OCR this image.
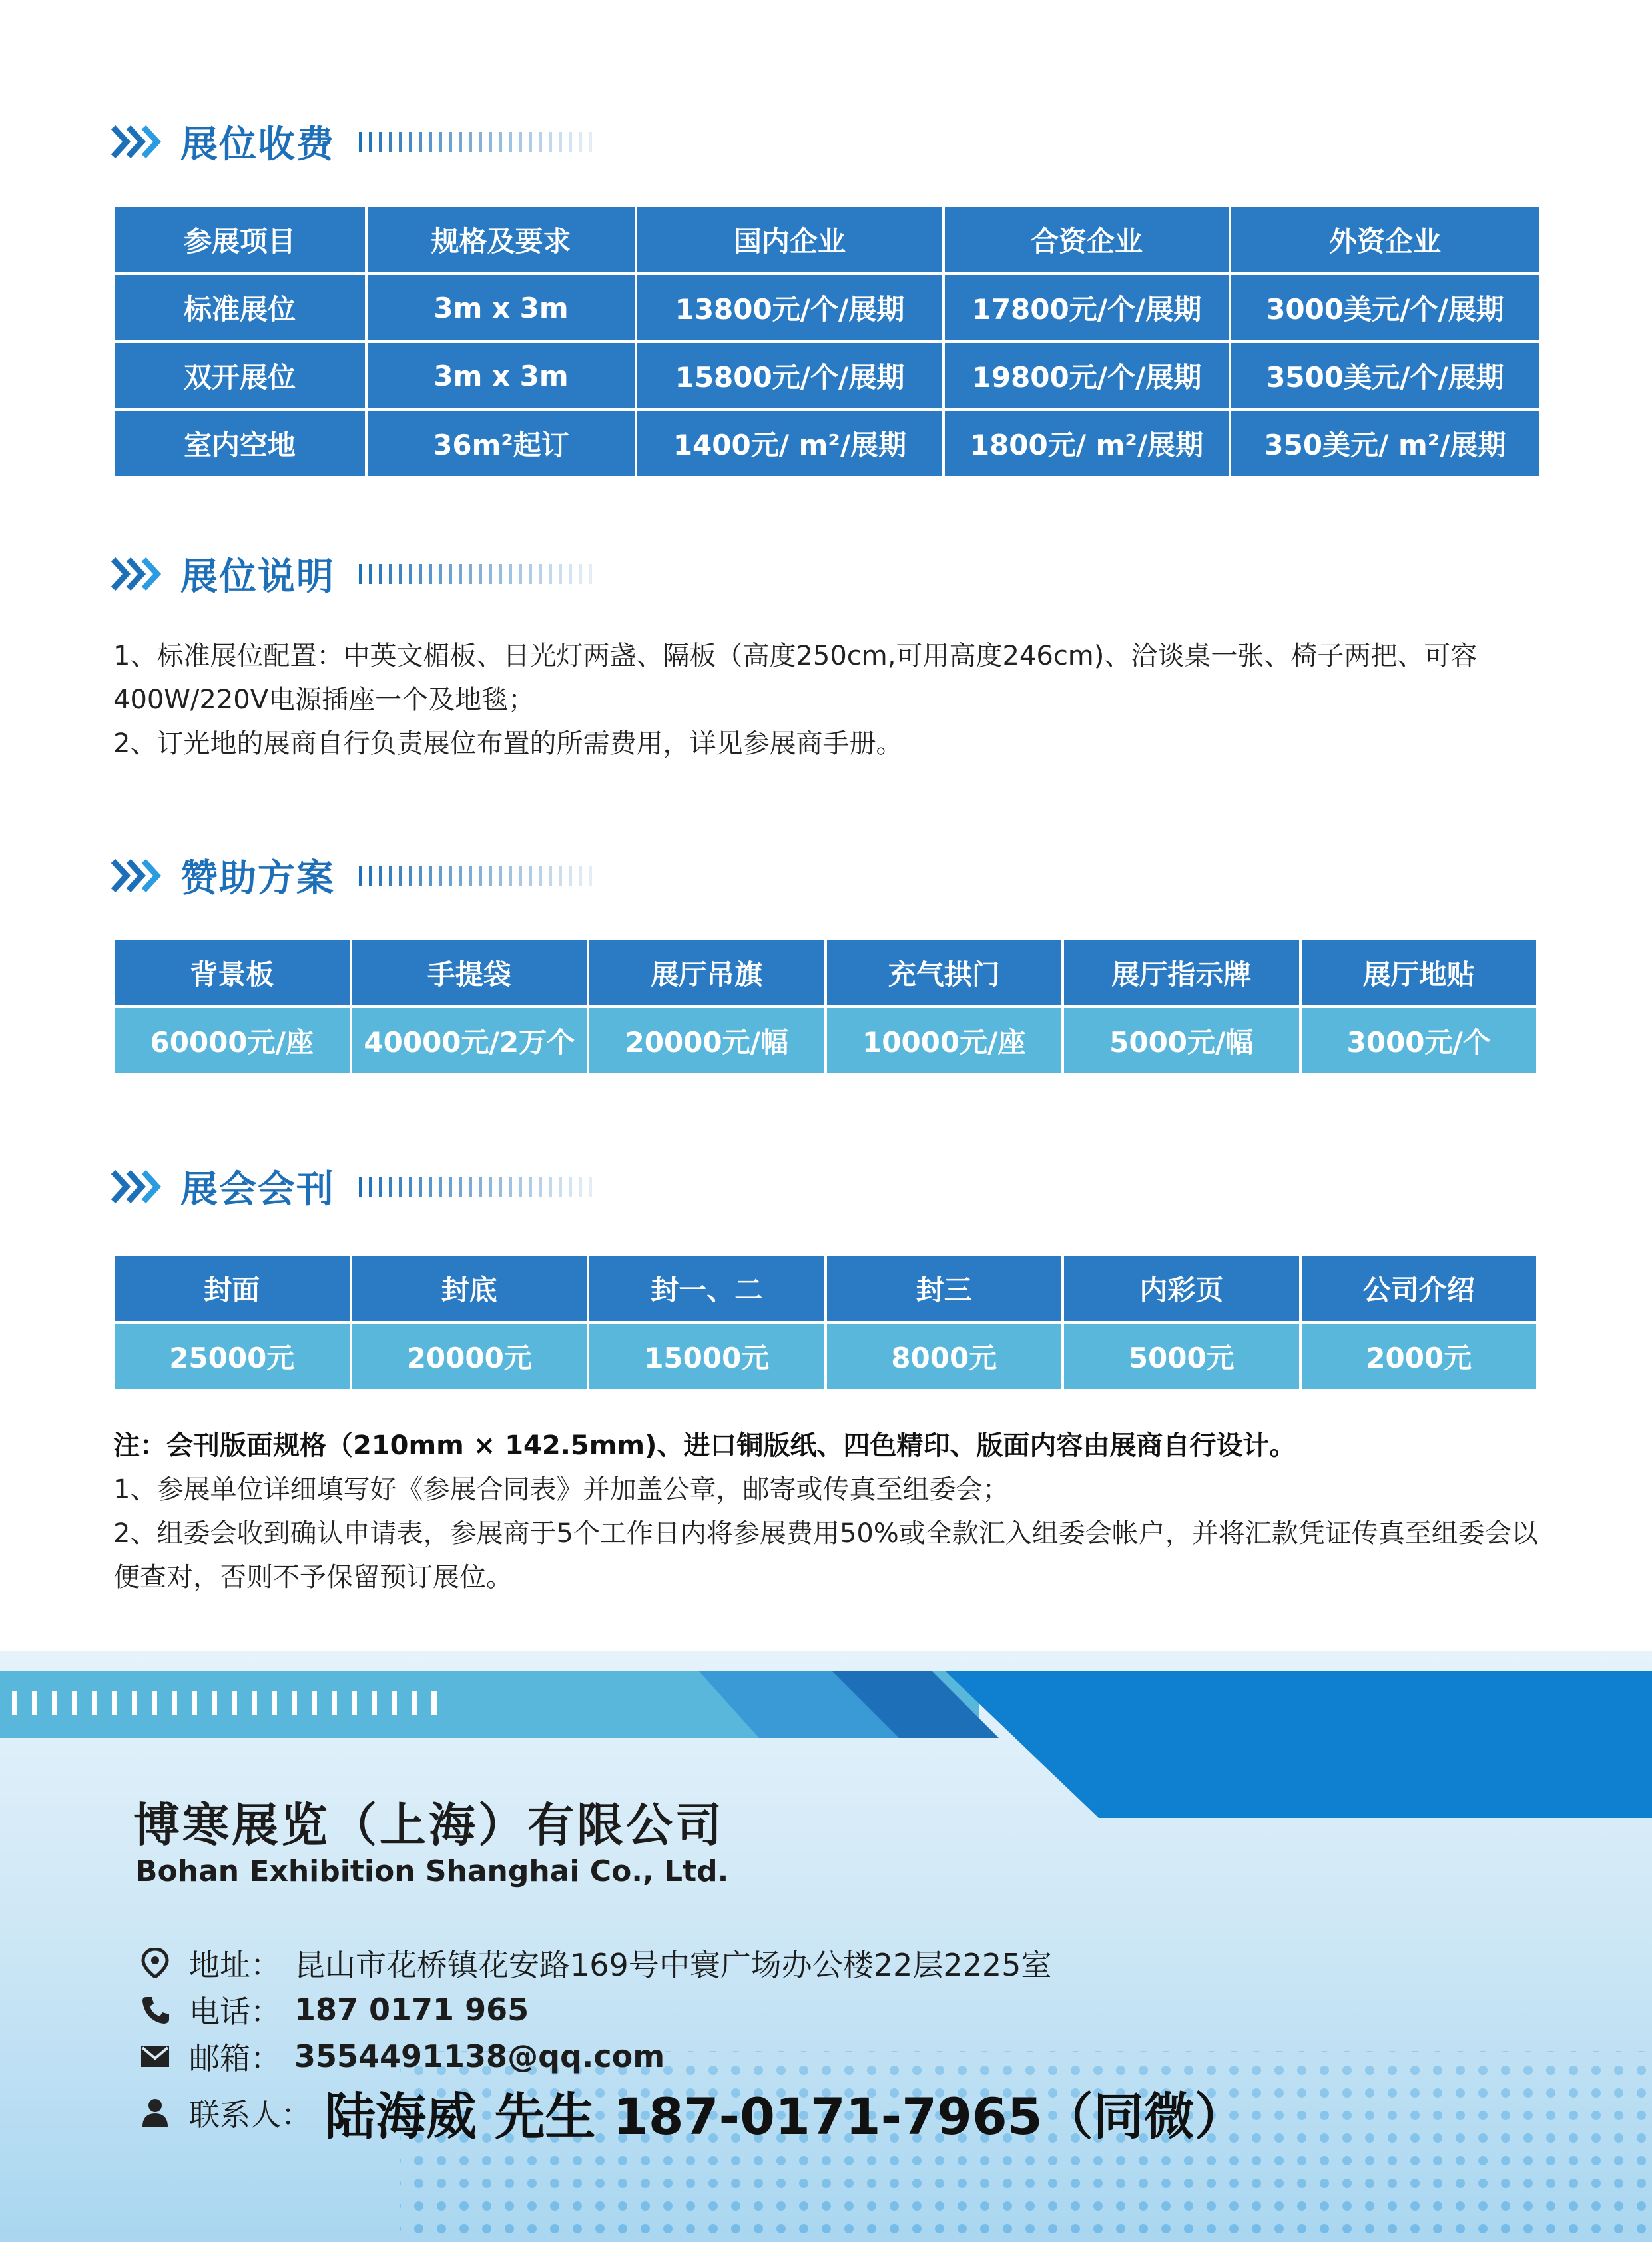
展位收费
参展项目	规格及要求	国内企业	合资企业	外资企业
标准展位	3m x 3m	13800元/个/展期	17800元/个/展期	3000美元/个/展期
双开展位	3m x 3m	15800元/个/展期	19800元/个/展期	3500美元/个/展期
室内空地	36m²起订	1400元/ m²/展期	1800元/ m²/展期	350美元/ m²/展期
展位说明
1、标准展位配置：中英文楣板、日光灯两盏、隔板（高度250cm,可用高度246cm)、洽谈桌一张、椅子两把、可容400W/220V电源插座一个及地毯；
2、订光地的展商自行负责展位布置的所需费用，详见参展商手册。
赞助方案
背景板	手提袋	展厅吊旗	充气拱门	展厅指示牌	展厅地贴
60000元/座	40000元/2万个	20000元/幅	10000元/座	5000元/幅	3000元/个
展会会刊
封面	封底	封一、二	封三	内彩页	公司介绍
25000元	20000元	15000元	8000元	5000元	2000元
注：会刊版面规格（210mm × 142.5mm)、进口铜版纸、四色精印、版面内容由展商自行设计。
1、参展单位详细填写好《参展合同表》并加盖公章，邮寄或传真至组委会；
2、组委会收到确认申请表，参展商于5个工作日内将参展费用50%或全款汇入组委会帐户，并将汇款凭证传真至组委会以便查对，否则不予保留预订展位。
博寒展览（上海）有限公司
Bohan Exhibition Shanghai Co., Ltd.
地址： 昆山市花桥镇花安路169号中寰广场办公楼22层2225室
电话： 187 0171 965
邮箱： 3554491138@qq.com
联系人： 陆海威 先生 187-0171-7965（同微）
